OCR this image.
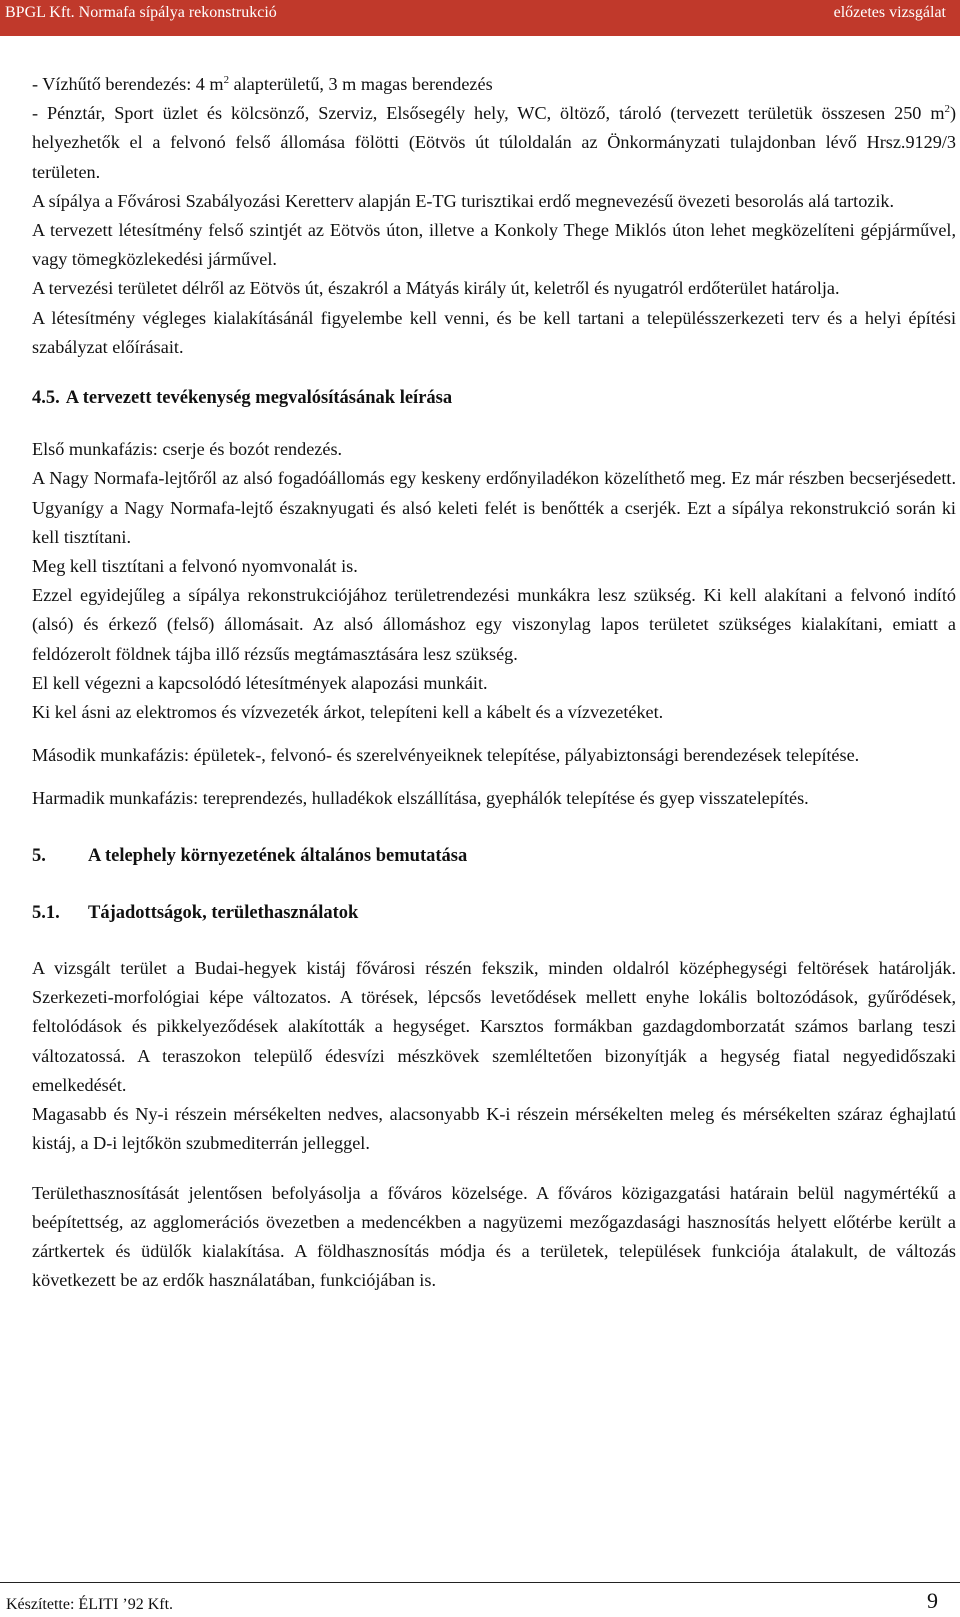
BPGL Kft. Normafa sípálya rekonstrukció	előzetes vizsgálat

- Vízhűtő berendezés: 4 $m^2$ alapterületű, 3 m magas berendezés

- Pénztár, Sport üzlet és kölcsönző, Szerviz, Elsősegély hely, WC, öltöző, tároló (tervezett területük összesen 250 $m^2$) helyezhetők el a felvonó felső állomása fölötti (Eötvös út túloldalán az Önkormányzati tulajdonban lévő Hrsz.9129/3 területen.

A sípálya a Fővárosi Szabályozási Keretterv alapján E-TG turisztikai erdő megnevezésű övezeti besorolás alá tartozik.

A tervezett létesítmény felső szintjét az Eötvös úton, illetve a Konkoly Thege Miklós úton lehet megközelíteni gépjárművel, vagy tömegközlekedési járművel.

A tervezési területet délről az Eötvös út, északról a Mátyás király út, keletről és nyugatról erdőterület határolja.

A létesítmény végleges kialakításánál figyelembe kell venni, és be kell tartani a településszerkezeti terv és a helyi építési szabályzat előírásait.

4.5. A tervezett tevékenység megvalósításának leírása

Első munkafázis: cserje és bozót rendezés.

A Nagy Normafa-lejtőről az alsó fogadóállomás egy keskeny erdőnyiladékon közelíthető meg. Ez már részben becserjésedett. Ugyanígy a Nagy Normafa-lejtő északnyugati és alsó keleti felét is benőtték a cserjék. Ezt a sípálya rekonstrukció során ki kell tisztítani.

Meg kell tisztítani a felvonó nyomvonalát is.

Ezzel egyidejűleg a sípálya rekonstrukciójához területrendezési munkákra lesz szükség. Ki kell alakítani a felvonó indító (alsó) és érkező (felső) állomásait. Az alsó állomáshoz egy viszonylag lapos területet szükséges kialakítani, emiatt a feldózerolt földnek tájba illő rézsűs megtámasztására lesz szükség.

El kell végezni a kapcsolódó létesítmények alapozási munkáit.

Ki kel ásni az elektromos és vízvezeték árkot, telepíteni kell a kábelt és a vízvezetéket.

Második munkafázis: épületek-, felvonó- és szerelvényeiknek telepítése, pályabiztonsági berendezések telepítése.

Harmadik munkafázis: tereprendezés, hulladékok elszállítása, gyephálók telepítése és gyep visszatelepítés.

5. A telephely környezetének általános bemutatása
5.1. Tájadottságok, területhasználatok

A vizsgált terület a Budai-hegyek kistáj fővárosi részén fekszik, minden oldalról középhegységi feltörések határolják. Szerkezeti-morfológiai képe változatos. A törések, lépcsős levetődések mellett enyhe lokális boltozódások, gyűrődések, feltolódások és pikkelyeződések alakították a hegységet. Karsztos formákban gazdagdomborzatát számos barlang teszi változatossá. A teraszokon települő édesvízi mészkövek szemléltetően bizonyítják a hegység fiatal negyedidőszaki emelkedését.

Magasabb és Ny-i részein mérsékelten nedves, alacsonyabb K-i részein mérsékelten meleg és mérsékelten száraz éghajlatú kistáj, a D-i lejtőkön szubmediterrán jelleggel.

Területhasznosítását jelentősen befolyásolja a főváros közelsége. A főváros közigazgatási határain belül nagymértékű a beépítettség, az agglomerációs övezetben a medencékben a nagyüzemi mezőgazdasági hasznosítás helyett előtérbe került a zártkertek és üdülők kialakítása. A földhasznosítás módja és a területek, települések funkciója átalakult, de változás következett be az erdők használatában, funkciójában is.

Készítette: ÉLITI ’92 Kft.	9
